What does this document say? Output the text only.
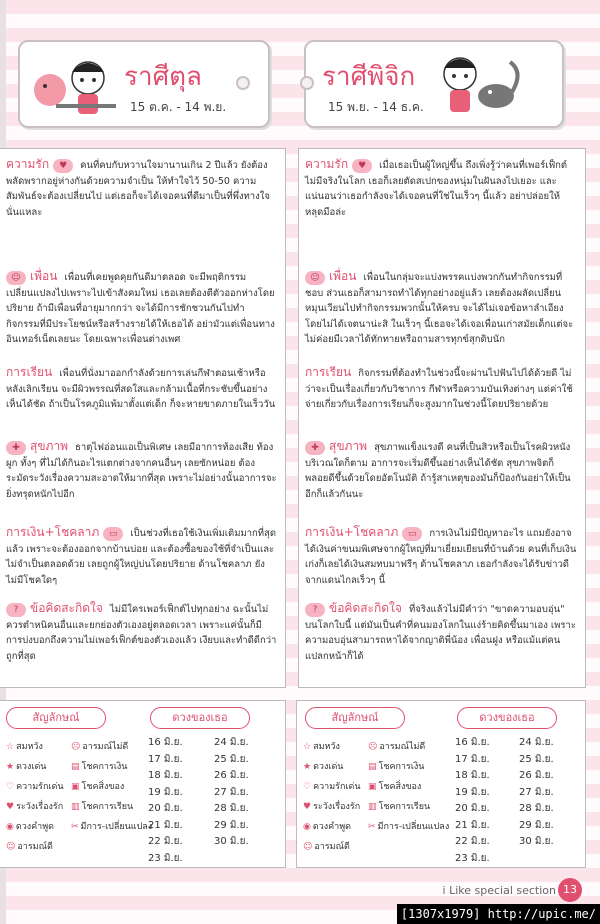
ราศีตุล
15 ต.ค. - 14 พ.ย.
ราศีพิจิก
15 พ.ย. - 14 ธ.ค.
ความรัก ♥ คนที่คบกับหวานใจมานานเกิน 2 ปีแล้ว ยังต้องพลัดพรากอยู่ห่างกันด้วยความจำเป็น ให้ทำใจไว้ 50-50 ความสัมพันธ์จะต้องเปลี่ยนไป แต่เธอก็จะได้เจอคนที่ดีมาเป็นที่พึ่งทางใจนั่นแหละ
☺ เพื่อน เพื่อนที่เคยพูดคุยกันดีมาตลอด จะมีพฤติกรรมเปลี่ยนแปลงไปเพราะไปเข้าสังคมใหม่ เธอเลยต้องตีตัวออกห่างโดยปริยาย ถ้ามีเพื่อนที่อายุมากกว่า จะได้มีการชักชวนกันไปทำกิจกรรมที่มีประโยชน์หรือสร้างรายได้ให้เธอได้ อย่ามัวแต่เพื่อนทางอินเทอร์เน็ตเลยนะ โดยเฉพาะเพื่อนต่างเพศ
การเรียน เพื่อนที่นั่งมาออกกำลังด้วยการเล่นกีฬาตอนเช้าหรือหลังเลิกเรียน จะมีผิวพรรณที่สดใสและกล้ามเนื้อที่กระชับขึ้นอย่างเห็นได้ชัด ถ้าเป็นโรคภูมิแพ้มาตั้งแต่เด็ก ก็จะหายขาดภายในเร็ววัน
✚ สุขภาพ ธาตุไฟอ่อนแอเป็นพิเศษ เลยมีอาการท้องเสีย ท้องผูก ทั้งๆ ที่ไม่ได้กินอะไรแตกต่างจากคนอื่นๆ เลยซักหน่อย ต้องระมัดระวังเรื่องความสะอาดให้มากที่สุด เพราะไม่อย่างนั้นอาการจะยิ่งทรุดหนักไปอีก
การเงิน+โชคลาภ ▭ เป็นช่วงที่เธอใช้เงินเพิ่มเติมมากที่สุดแล้ว เพราะจะต้องออกจากบ้านบ่อย และต้องซื้อของใช้ที่จำเป็นและไม่จำเป็นตลอดด้วย เลยถูกผู้ใหญ่บ่นโดยปริยาย ด้านโชคลาภ ยังไม่มีโชคใดๆ
? ข้อคิดสะกิดใจ ไม่มีใครเพอร์เฟ็กต์ไปทุกอย่าง ฉะนั้นไม่ควรตำหนิคนอื่นและยกย่องตัวเองอยู่ตลอดเวลา เพราะแค่นั้นก็มีการบ่งบอกถึงความไม่เพอร์เฟ็กต์ของตัวเองแล้ว เงียบและทำดีดีกว่าถูกที่สุด
ความรัก ♥ เมื่อเธอเป็นผู้ใหญ่ขึ้น ถึงเพิ่งรู้ว่าคนที่เพอร์เฟ็กต์ไม่มีจริงในโลก เธอก็เลยตัดสเปกของหนุ่มในฝันลงไปเยอะ และแน่นอนว่าเธอกำลังจะได้เจอคนที่ใช่ในเร็วๆ นี้แล้ว อย่าปล่อยให้หลุดมือล่ะ
☺ เพื่อน เพื่อนในกลุ่มจะแบ่งพรรคแบ่งพวกกันทำกิจกรรมที่ชอบ ส่วนเธอก็สามารถทำได้ทุกอย่างอยู่แล้ว เลยต้องผลัดเปลี่ยนหมุนเวียนไปทำกิจกรรมพวกนั้นให้ครบ จะได้ไม่เจอข้อหาลำเอียงโดยไม่ได้เจตนาน่ะสิ ในเร็วๆ นี้เธอจะได้เจอเพื่อนเก่าสมัยเด็กแต่จะไม่ค่อยมีเวลาได้ทักทายหรือถามสารทุกข์สุกดิบนัก
การเรียน กิจกรรมที่ต้องทำในช่วงนี้จะผ่านไปฟันไปได้ด้วยดี ไม่ว่าจะเป็นเรื่องเกี่ยวกับวิชาการ กีฬาหรือความบันเทิงต่างๆ แต่ค่าใช้จ่ายเกี่ยวกับเรื่องการเรียนก็จะสูงมากในช่วงนี้โดยปริยายด้วย
✚ สุขภาพ สุขภาพแข็งแรงดี คนที่เป็นสิวหรือเป็นโรคผิวหนังบริเวณใดก็ตาม อาการจะเริ่มดีขึ้นอย่างเห็นได้ชัด สุขภาพจิตก็พลอยดีขึ้นด้วยโดยอัตโนมัติ ถ้ารู้สาเหตุของมันก็ป้องกันอย่าให้เป็นอีกก็แล้วกันนะ
การเงิน+โชคลาภ ▭ การเงินไม่มีปัญหาอะไร แถมยังอาจได้เงินค่าขนมพิเศษจากผู้ใหญ่ที่มาเยี่ยมเยียนที่บ้านด้วย คนที่เก็บเงินเก่งก็เลยได้เงินสมทบมาฟรีๆ ด้านโชคลาภ เธอกำลังจะได้รับข่าวดีจากแดนไกลเร็วๆ นี้
? ข้อคิดสะกิดใจ ที่จริงแล้วไม่มีคำว่า "ขาดความอบอุ่น" บนโลกใบนี้ แต่มันเป็นคำที่คนมองโลกในแง่ร้ายคิดขึ้นมาเอง เพราะความอบอุ่นสามารถหาได้จากญาติพี่น้อง เพื่อนฝูง หรือแม้แต่คนแปลกหน้าก็ได้
สัญลักษณ์	ดวงของเธอ
☆ สมหวัง	☹ อารมณ์ไม่ดี
★ ดวงเด่น	▤ โชคการเงิน
♡ ความรักเด่น ▣ โชคสิ่งของ
♥ ระวังเรื่องรัก ▥ โชคการเรียน
◉ ดวงคำพูด	✂ มีการ-เปลี่ยนแปลง
☺ อารมณ์ดี
16 มิ.ย.
17 มิ.ย.
18 มิ.ย.
19 มิ.ย.
20 มิ.ย.
21 มิ.ย.
22 มิ.ย.
23 มิ.ย.
24 มิ.ย.
25 มิ.ย.
26 มิ.ย.
27 มิ.ย.
28 มิ.ย.
29 มิ.ย.
30 มิ.ย.
สัญลักษณ์	ดวงของเธอ
☆ สมหวัง	☹ อารมณ์ไม่ดี
★ ดวงเด่น	▤ โชคการเงิน
♡ ความรักเด่น ▣ โชคสิ่งของ
♥ ระวังเรื่องรัก ▥ โชคการเรียน
◉ ดวงคำพูด	✂ มีการ-เปลี่ยนแปลง
☺ อารมณ์ดี
16 มิ.ย.
17 มิ.ย.
18 มิ.ย.
19 มิ.ย.
20 มิ.ย.
21 มิ.ย.
22 มิ.ย.
23 มิ.ย.
24 มิ.ย.
25 มิ.ย.
26 มิ.ย.
27 มิ.ย.
28 มิ.ย.
29 มิ.ย.
30 มิ.ย.
i Like special section 13
[1307x1979] http://upic.me/
